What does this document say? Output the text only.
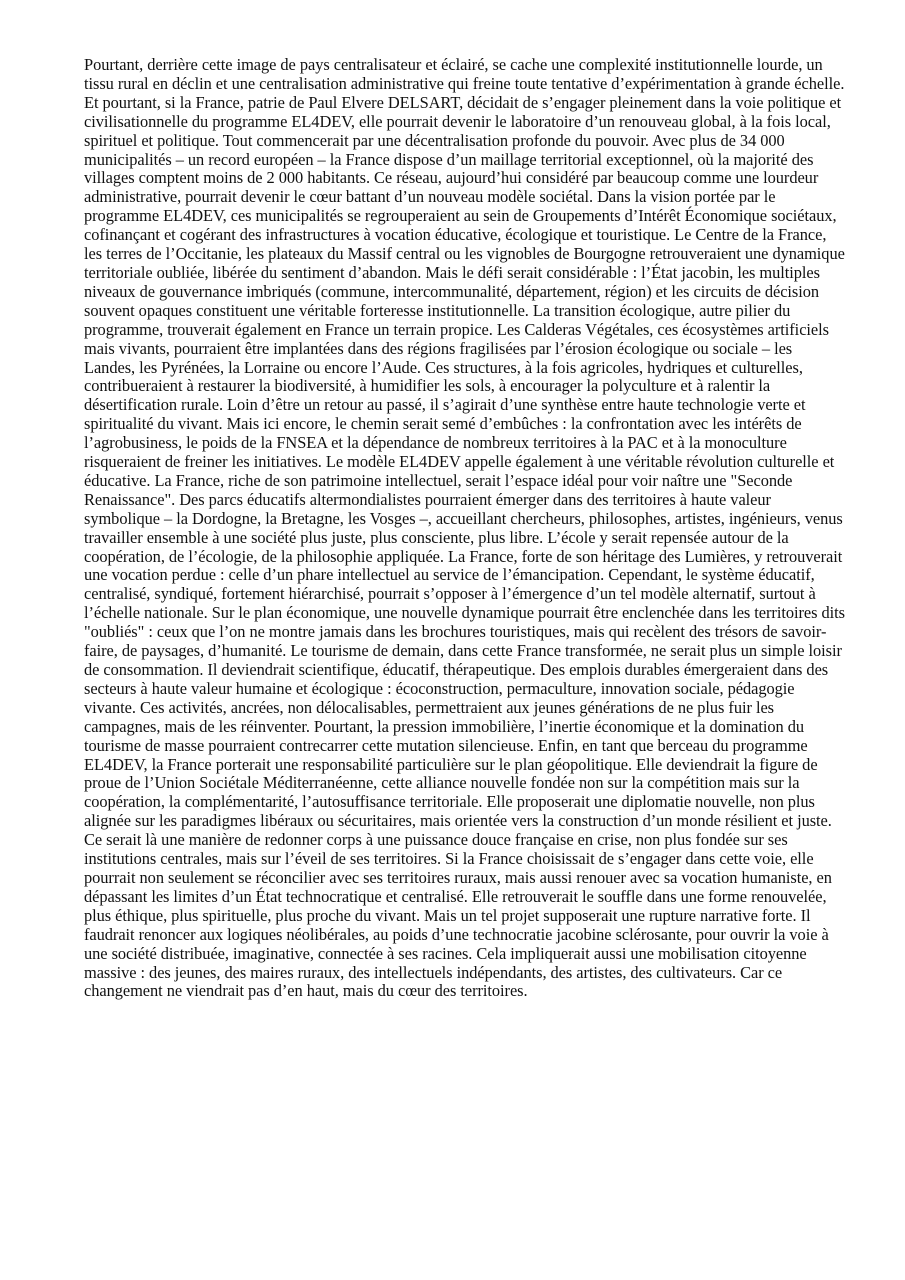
Pourtant, derrière cette image de pays centralisateur et éclairé, se cache une complexité institutionnelle lourde, un tissu rural en déclin et une centralisation administrative qui freine toute tentative d’expérimentation à grande échelle. Et pourtant, si la France, patrie de Paul Elvere DELSART, décidait de s’engager pleinement dans la voie politique et civilisationnelle du programme EL4DEV, elle pourrait devenir le laboratoire d’un renouveau global, à la fois local, spirituel et politique. Tout commencerait par une décentralisation profonde du pouvoir. Avec plus de 34 000 municipalités – un record européen – la France dispose d’un maillage territorial exceptionnel, où la majorité des villages comptent moins de 2 000 habitants. Ce réseau, aujourd’hui considéré par beaucoup comme une lourdeur administrative, pourrait devenir le cœur battant d’un nouveau modèle sociétal. Dans la vision portée par le programme EL4DEV, ces municipalités se regrouperaient au sein de Groupements d’Intérêt Économique sociétaux, cofinançant et cogérant des infrastructures à vocation éducative, écologique et touristique. Le Centre de la France, les terres de l’Occitanie, les plateaux du Massif central ou les vignobles de Bourgogne retrouveraient une dynamique territoriale oubliée, libérée du sentiment d’abandon. Mais le défi serait considérable : l’État jacobin, les multiples niveaux de gouvernance imbriqués (commune, intercommunalité, département, région) et les circuits de décision souvent opaques constituent une véritable forteresse institutionnelle. La transition écologique, autre pilier du programme, trouverait également en France un terrain propice. Les Calderas Végétales, ces écosystèmes artificiels mais vivants, pourraient être implantées dans des régions fragilisées par l’érosion écologique ou sociale – les Landes, les Pyrénées, la Lorraine ou encore l’Aude. Ces structures, à la fois agricoles, hydriques et culturelles, contribueraient à restaurer la biodiversité, à humidifier les sols, à encourager la polyculture et à ralentir la désertification rurale. Loin d’être un retour au passé, il s’agirait d’une synthèse entre haute technologie verte et spiritualité du vivant. Mais ici encore, le chemin serait semé d’embûches : la confrontation avec les intérêts de l’agrobusiness, le poids de la FNSEA et la dépendance de nombreux territoires à la PAC et à la monoculture risqueraient de freiner les initiatives. Le modèle EL4DEV appelle également à une véritable révolution culturelle et éducative. La France, riche de son patrimoine intellectuel, serait l’espace idéal pour voir naître une "Seconde Renaissance". Des parcs éducatifs altermondialistes pourraient émerger dans des territoires à haute valeur symbolique – la Dordogne, la Bretagne, les Vosges –, accueillant chercheurs, philosophes, artistes, ingénieurs, venus travailler ensemble à une société plus juste, plus consciente, plus libre. L’école y serait repensée autour de la coopération, de l’écologie, de la philosophie appliquée. La France, forte de son héritage des Lumières, y retrouverait une vocation perdue : celle d’un phare intellectuel au service de l’émancipation. Cependant, le système éducatif, centralisé, syndiqué, fortement hiérarchisé, pourrait s’opposer à l’émergence d’un tel modèle alternatif, surtout à l’échelle nationale. Sur le plan économique, une nouvelle dynamique pourrait être enclenchée dans les territoires dits "oubliés" : ceux que l’on ne montre jamais dans les brochures touristiques, mais qui recèlent des trésors de savoir-faire, de paysages, d’humanité. Le tourisme de demain, dans cette France transformée, ne serait plus un simple loisir de consommation. Il deviendrait scientifique, éducatif, thérapeutique. Des emplois durables émergeraient dans des secteurs à haute valeur humaine et écologique : écoconstruction, permaculture, innovation sociale, pédagogie vivante. Ces activités, ancrées, non délocalisables, permettraient aux jeunes générations de ne plus fuir les campagnes, mais de les réinventer. Pourtant, la pression immobilière, l’inertie économique et la domination du tourisme de masse pourraient contrecarrer cette mutation silencieuse. Enfin, en tant que berceau du programme EL4DEV, la France porterait une responsabilité particulière sur le plan géopolitique. Elle deviendrait la figure de proue de l’Union Sociétale Méditerranéenne, cette alliance nouvelle fondée non sur la compétition mais sur la coopération, la complémentarité, l’autosuffisance territoriale. Elle proposerait une diplomatie nouvelle, non plus alignée sur les paradigmes libéraux ou sécuritaires, mais orientée vers la construction d’un monde résilient et juste. Ce serait là une manière de redonner corps à une puissance douce française en crise, non plus fondée sur ses institutions centrales, mais sur l’éveil de ses territoires. Si la France choisissait de s’engager dans cette voie, elle pourrait non seulement se réconcilier avec ses territoires ruraux, mais aussi renouer avec sa vocation humaniste, en dépassant les limites d’un État technocratique et centralisé. Elle retrouverait le souffle dans une forme renouvelée, plus éthique, plus spirituelle, plus proche du vivant. Mais un tel projet supposerait une rupture narrative forte. Il faudrait renoncer aux logiques néolibérales, au poids d’une technocratie jacobine sclérosante, pour ouvrir la voie à une société distribuée, imaginative, connectée à ses racines. Cela impliquerait aussi une mobilisation citoyenne massive : des jeunes, des maires ruraux, des intellectuels indépendants, des artistes, des cultivateurs. Car ce changement ne viendrait pas d’en haut, mais du cœur des territoires.
